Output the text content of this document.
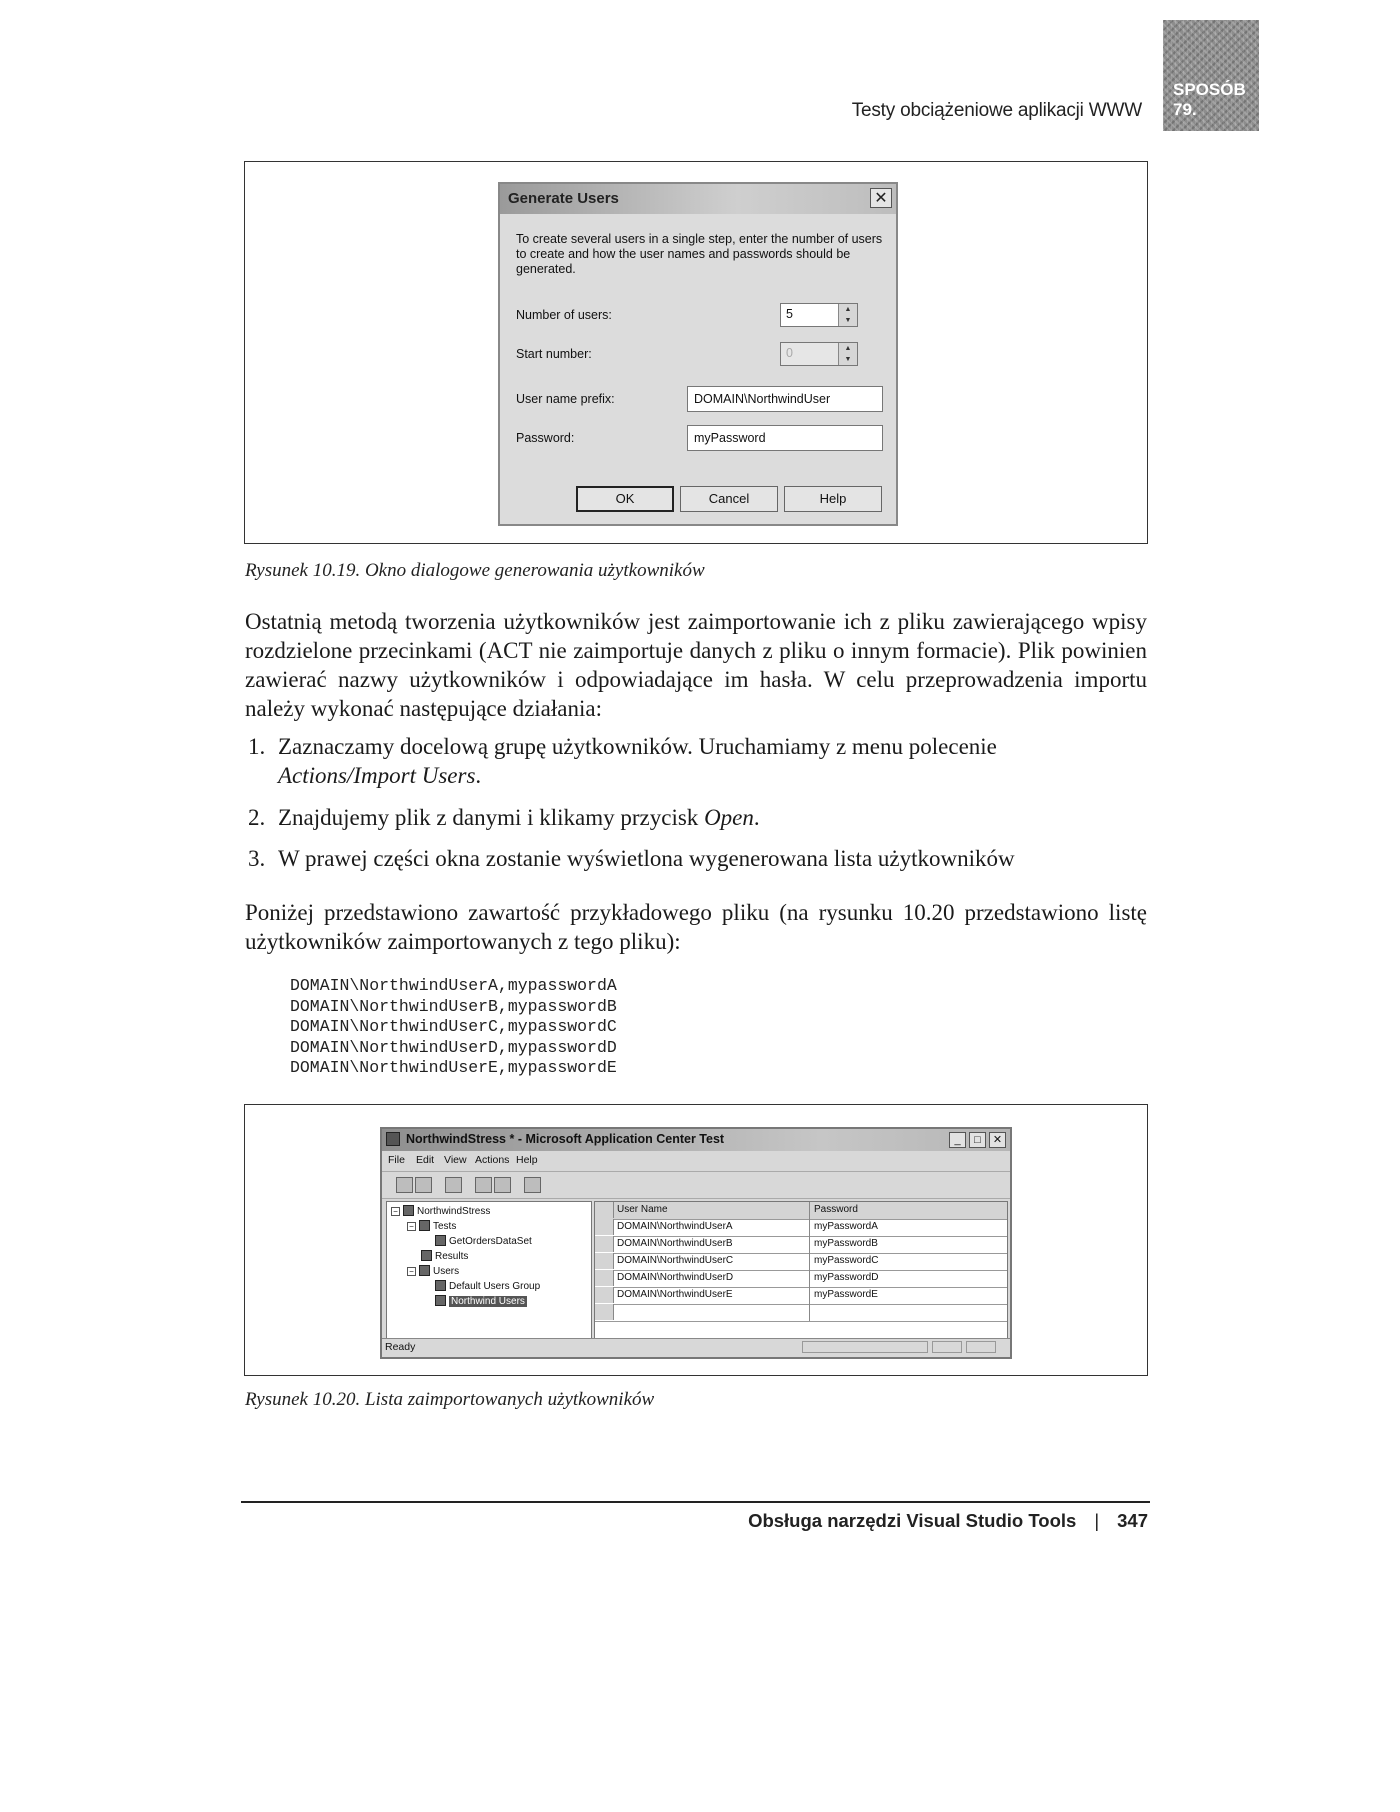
Testy obciążeniowe aplikacji WWW
SPOSÓB
79.
Generate Users	✕
To create several users in a single step, enter the number of users to create and how the user names and passwords should be generated.
Number of users:	5	▲
▼
Start number:	0	▲
▼
User name prefix:	DOMAIN\NorthwindUser
Password:	myPassword
OK	Cancel	Help
Rysunek 10.19. Okno dialogowe generowania użytkowników
Ostatnią metodą tworzenia użytkowników jest zaimportowanie ich z pliku zawierającego wpisy rozdzielone przecinkami (ACT nie zaimportuje danych z pliku o innym formacie). Plik powinien zawierać nazwy użytkowników i odpowiadające im hasła. W celu przeprowadzenia importu należy wykonać następujące działania:
1. Zaznaczamy docelową grupę użytkowników. Uruchamiamy z menu polecenie
Actions/Import Users.
2. Znajdujemy plik z danymi i klikamy przycisk Open.
3. W prawej części okna zostanie wyświetlona wygenerowana lista użytkowników
Poniżej przedstawiono zawartość przykładowego pliku (na rysunku 10.20 przedstawiono listę użytkowników zaimportowanych z tego pliku):
DOMAIN\NorthwindUserA,mypasswordA
DOMAIN\NorthwindUserB,mypasswordB
DOMAIN\NorthwindUserC,mypasswordC
DOMAIN\NorthwindUserD,mypasswordD
DOMAIN\NorthwindUserE,mypasswordE
NorthwindStress * - Microsoft Application Center Test	_	□	✕
File Edit View Actions Help
− NorthwindStress
− Tests
GetOrdersDataSet
Results
− Users
Default Users Group
Northwind Users
User Name	Password
DOMAIN\NorthwindUserA	myPasswordA
DOMAIN\NorthwindUserB	myPasswordB
DOMAIN\NorthwindUserC	myPasswordC
DOMAIN\NorthwindUserD	myPasswordD
DOMAIN\NorthwindUserE	myPasswordE
Ready
Rysunek 10.20. Lista zaimportowanych użytkowników
Obsługa narzędzi Visual Studio Tools | 347
